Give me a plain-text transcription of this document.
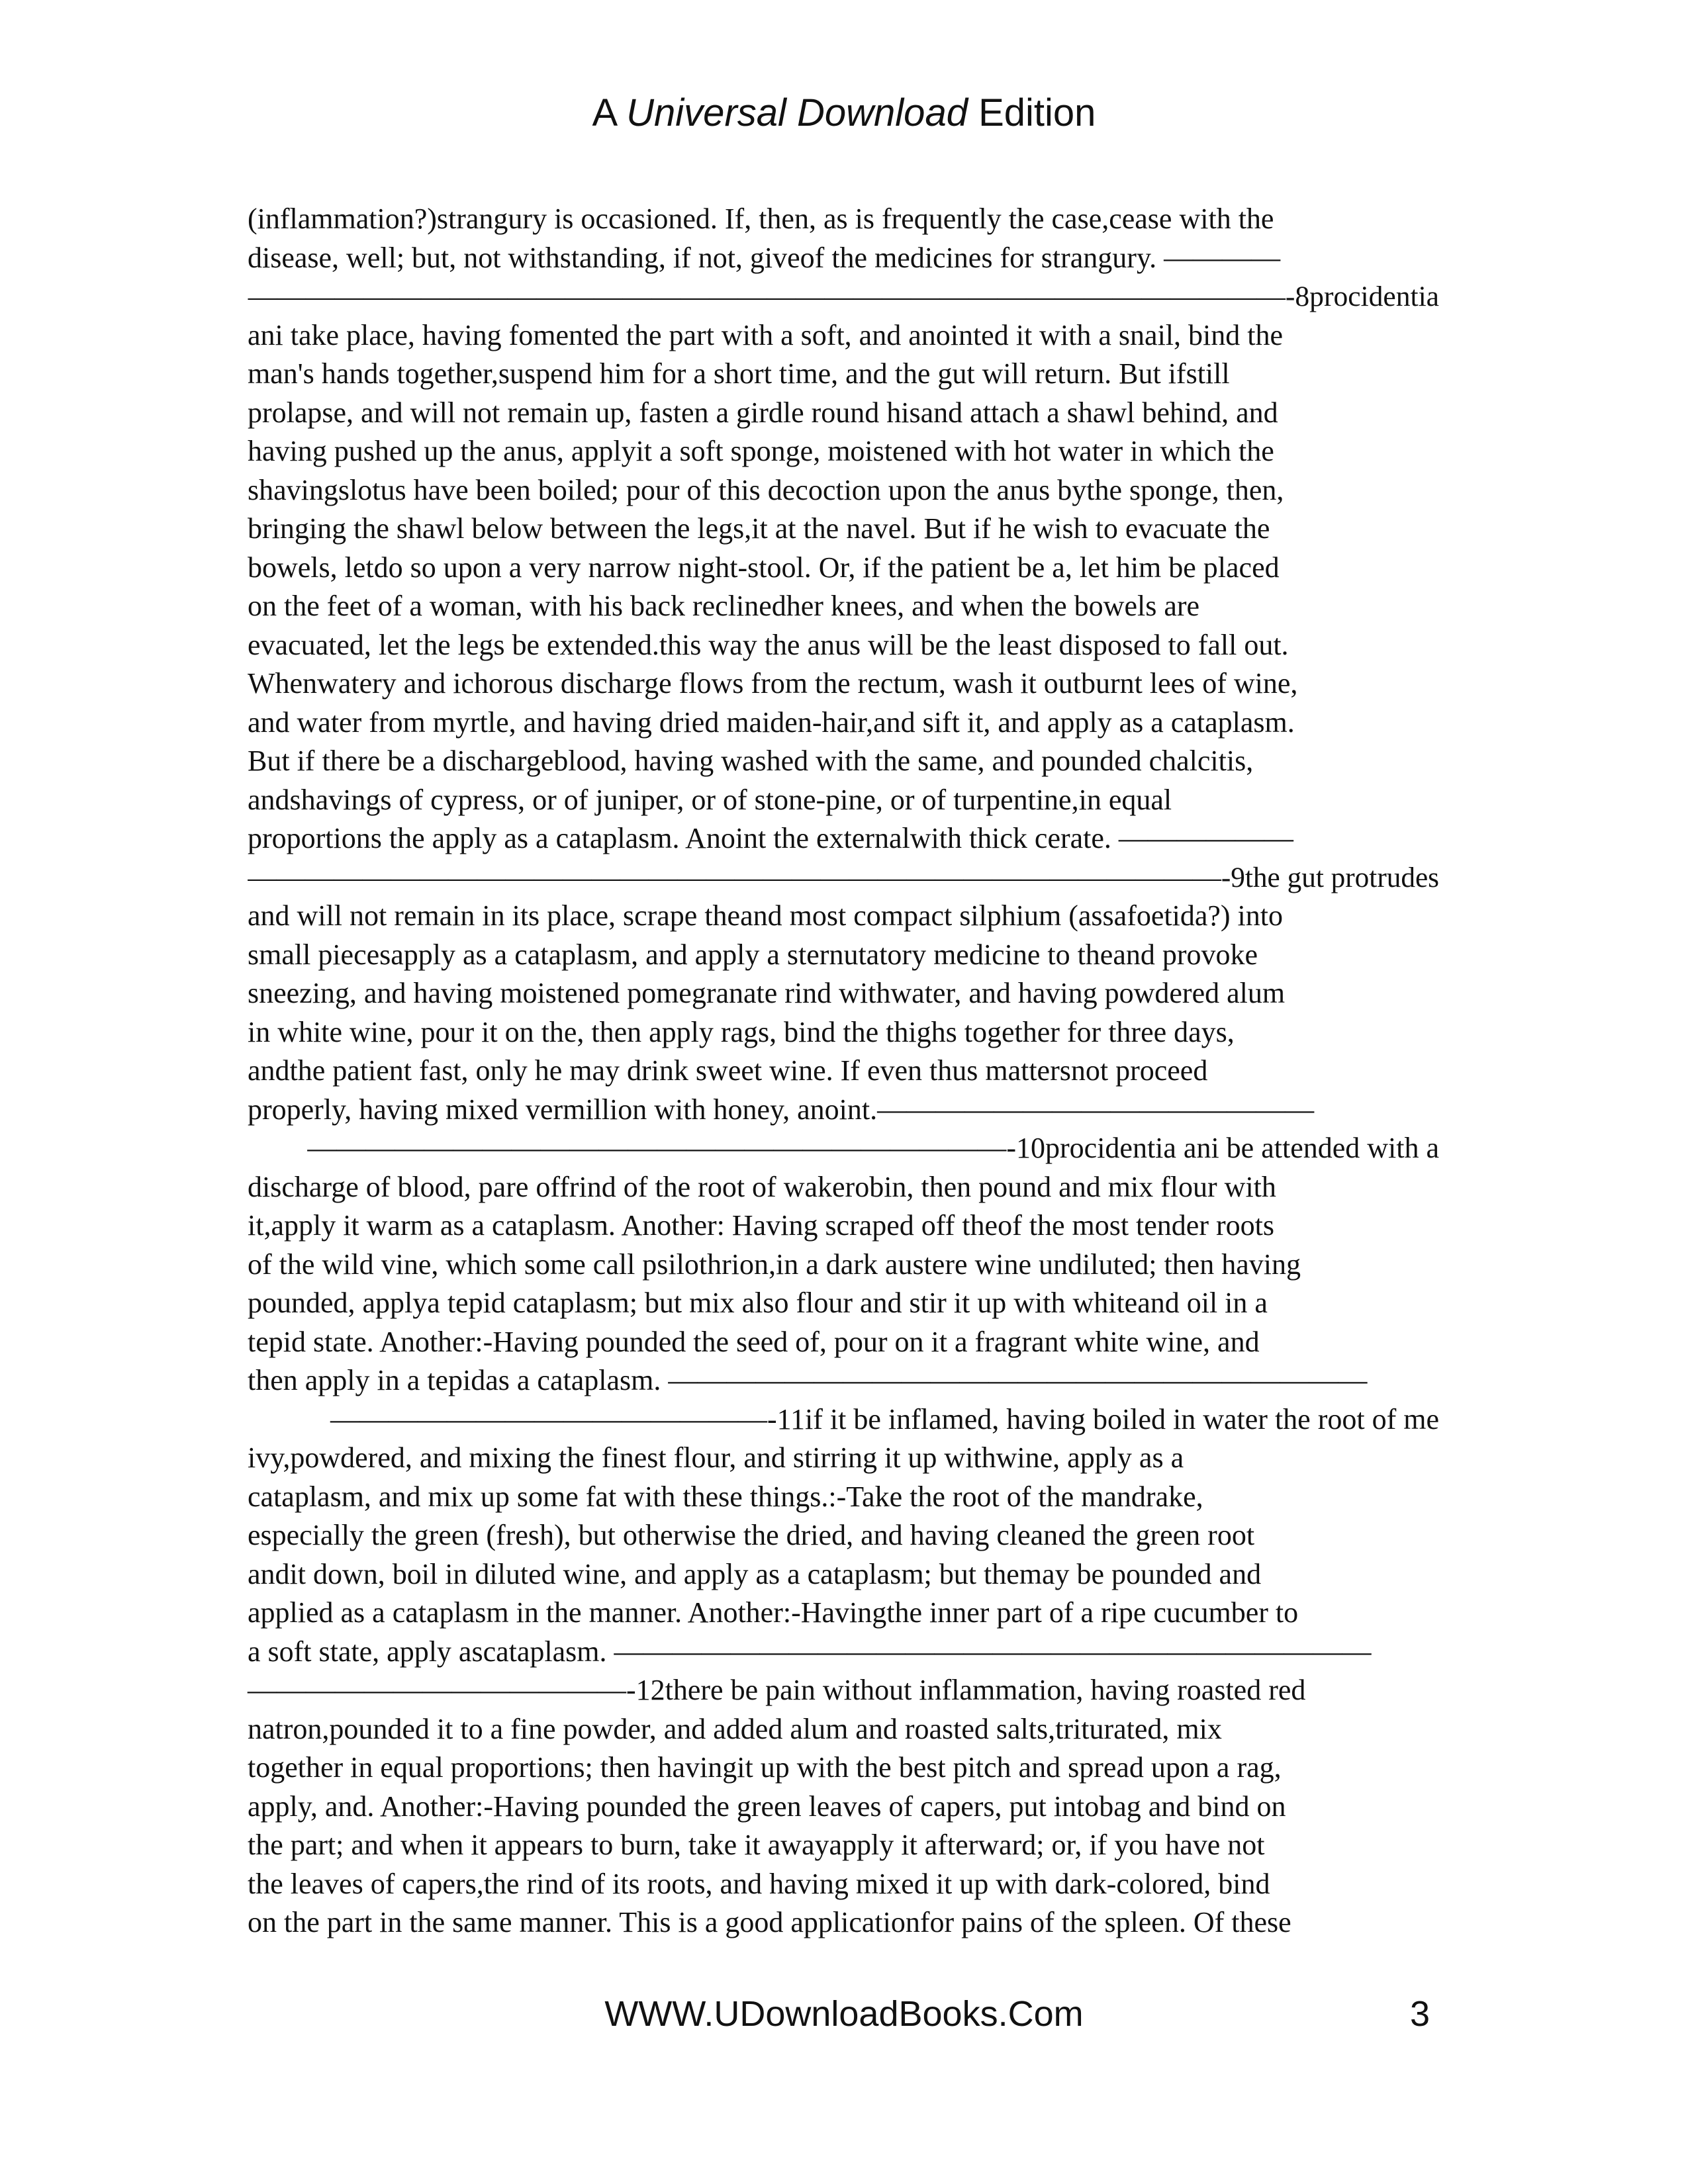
A Universal Download Edition
(inflammation?)strangury is occasioned. If, then, as is frequently the case,cease with the
disease, well; but, not withstanding, if not, giveof the medicines for strangury. ————
————————————————————————————————————-8procidentia
ani take place, having fomented the part with a soft, and anointed it with a snail, bind the
man's hands together,suspend him for a short time, and the gut will return. But ifstill
prolapse, and will not remain up, fasten a girdle round hisand attach a shawl behind, and
having pushed up the anus, applyit a soft sponge, moistened with hot water in which the
shavingslotus have been boiled; pour of this decoction upon the anus bythe sponge, then,
bringing the shawl below between the legs,it at the navel. But if he wish to evacuate the
bowels, letdo so upon a very narrow night-stool. Or, if the patient be a, let him be placed
on the feet of a woman, with his back reclinedher knees, and when the bowels are
evacuated, let the legs be extended.this way the anus will be the least disposed to fall out.
Whenwatery and ichorous discharge flows from the rectum, wash it outburnt lees of wine,
and water from myrtle, and having dried maiden-hair,and sift it, and apply as a cataplasm.
But if there be a dischargeblood, having washed with the same, and pounded chalcitis,
andshavings of cypress, or of juniper, or of stone-pine, or of turpentine,in equal
proportions the apply as a cataplasm. Anoint the externalwith thick cerate. ——————
——————————————————————————————————-9the gut protrudes
and will not remain in its place, scrape theand most compact silphium (assafoetida?) into
small piecesapply as a cataplasm, and apply a sternutatory medicine to theand provoke
sneezing, and having moistened pomegranate rind withwater, and having powdered alum
in white wine, pour it on the, then apply rags, bind the thighs together for three days,
andthe patient fast, only he may drink sweet wine. If even thus mattersnot proceed
properly, having mixed vermillion with honey, anoint.———————————————
————————————————————————-10procidentia ani be attended with a
discharge of blood, pare offrind of the root of wakerobin, then pound and mix flour with
it,apply it warm as a cataplasm. Another: Having scraped off theof the most tender roots
of the wild vine, which some call psilothrion,in a dark austere wine undiluted; then having
pounded, applya tepid cataplasm; but mix also flour and stir it up with whiteand oil in a
tepid state. Another:-Having pounded the seed of, pour on it a fragrant white wine, and
then apply in a tepidas a cataplasm. ————————————————————————
———————————————-11if it be inflamed, having boiled in water the root of me
ivy,powdered, and mixing the finest flour, and stirring it up withwine, apply as a
cataplasm, and mix up some fat with these things.:-Take the root of the mandrake,
especially the green (fresh), but otherwise the dried, and having cleaned the green root
andit down, boil in diluted wine, and apply as a cataplasm; but themay be pounded and
applied as a cataplasm in the manner. Another:-Havingthe inner part of a ripe cucumber to
a soft state, apply ascataplasm. ——————————————————————————
—————————————-12there be pain without inflammation, having roasted red
natron,pounded it to a fine powder, and added alum and roasted salts,triturated, mix
together in equal proportions; then havingit up with the best pitch and spread upon a rag,
apply, and. Another:-Having pounded the green leaves of capers, put intobag and bind on
the part; and when it appears to burn, take it awayapply it afterward; or, if you have not
the leaves of capers,the rind of its roots, and having mixed it up with dark-colored, bind
on the part in the same manner. This is a good applicationfor pains of the spleen. Of these
WWW.UDownloadBooks.Com	3
